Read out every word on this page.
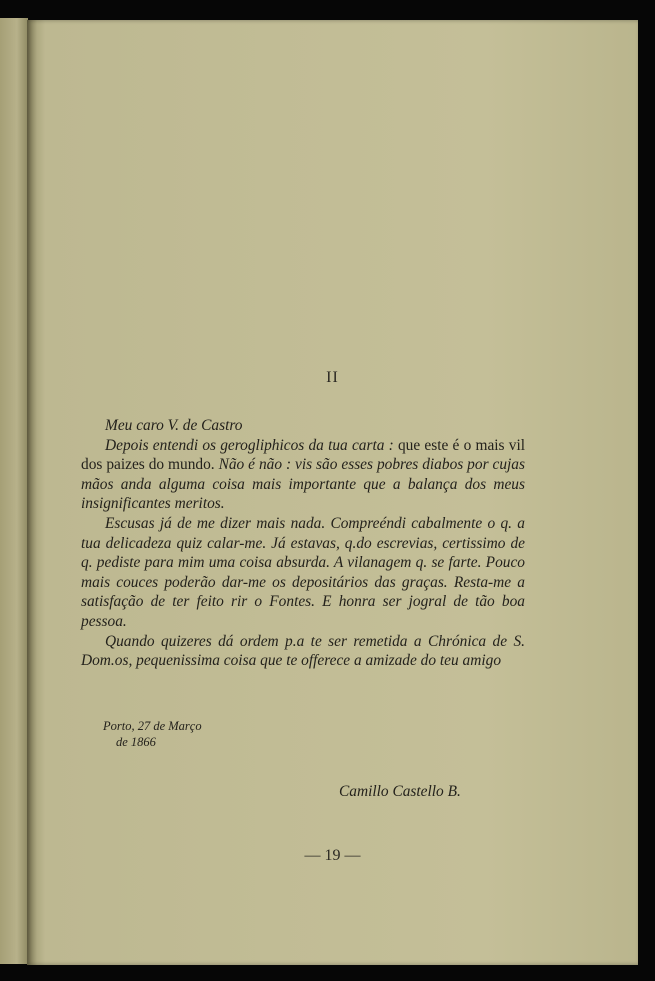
II

Meu caro V. de Castro

Depois entendi os gerogliphicos da tua carta : que este é o mais vil dos paizes do mundo. Não é não : vis são esses pobres diabos por cujas mãos anda alguma coisa mais importante que a balança dos meus insignificantes meritos.

Escusas já de me dizer mais nada. Compreéndi cabalmente o q. a tua delicadeza quiz calar-me. Já estavas, q.do escrevias, certissimo de q. pediste para mim uma coisa absurda. A vilanagem q. se farte. Pouco mais couces poderão dar-me os depositários das graças. Resta-me a satisfação de ter feito rir o Fontes. E honra ser jogral de tão boa pessoa.

Quando quizeres dá ordem p.a te ser remetida a Chrónica de S. Dom.os, pequenissima coisa que te offerece a amizade do teu amigo

Porto, 27 de Março
de 1866
Camillo Castello B.
— 19 —
